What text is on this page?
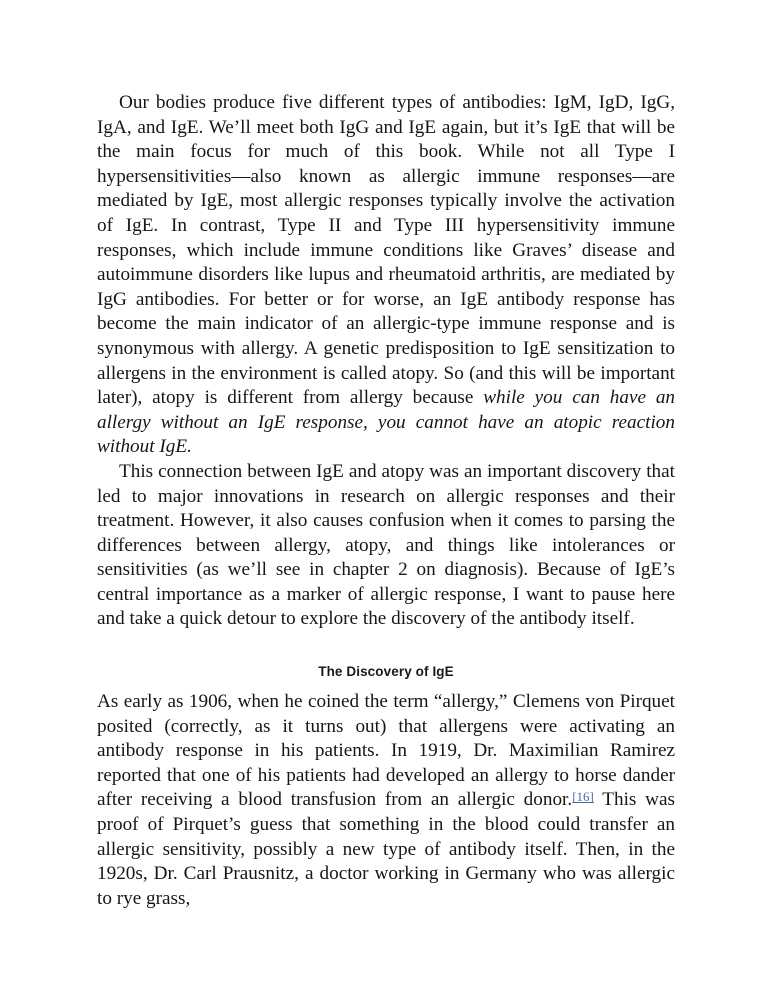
Our bodies produce five different types of antibodies: IgM, IgD, IgG, IgA, and IgE. We’ll meet both IgG and IgE again, but it’s IgE that will be the main focus for much of this book. While not all Type I hypersensitivities—also known as allergic immune responses—are mediated by IgE, most allergic responses typically involve the activation of IgE. In contrast, Type II and Type III hypersensitivity immune responses, which include immune conditions like Graves’ disease and autoimmune disorders like lupus and rheumatoid arthritis, are mediated by IgG antibodies. For better or for worse, an IgE antibody response has become the main indicator of an allergic-type immune response and is synonymous with allergy. A genetic predisposition to IgE sensitization to allergens in the environment is called atopy. So (and this will be important later), atopy is different from allergy because while you can have an allergy without an IgE response, you cannot have an atopic reaction without IgE.

This connection between IgE and atopy was an important discovery that led to major innovations in research on allergic responses and their treatment. However, it also causes confusion when it comes to parsing the differences between allergy, atopy, and things like intolerances or sensitivities (as we’ll see in chapter 2 on diagnosis). Because of IgE’s central importance as a marker of allergic response, I want to pause here and take a quick detour to explore the discovery of the antibody itself.

The Discovery of IgE

As early as 1906, when he coined the term “allergy,” Clemens von Pirquet posited (correctly, as it turns out) that allergens were activating an antibody response in his patients. In 1919, Dr. Maximilian Ramirez reported that one of his patients had developed an allergy to horse dander after receiving a blood transfusion from an allergic donor.[16] This was proof of Pirquet’s guess that something in the blood could transfer an allergic sensitivity, possibly a new type of antibody itself. Then, in the 1920s, Dr. Carl Prausnitz, a doctor working in Germany who was allergic to rye grass,
